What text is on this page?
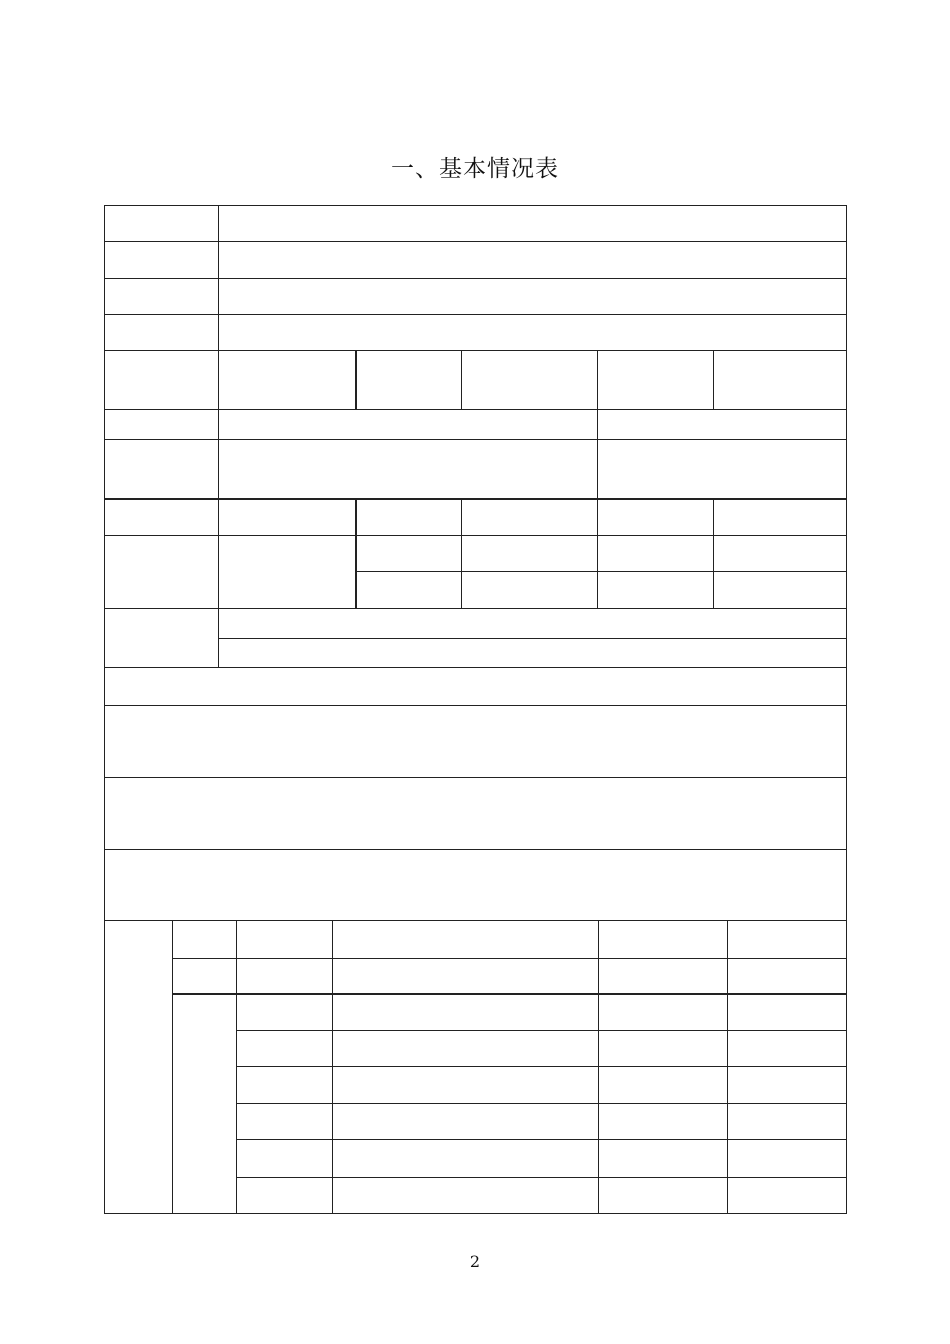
一、基本情况表
2
